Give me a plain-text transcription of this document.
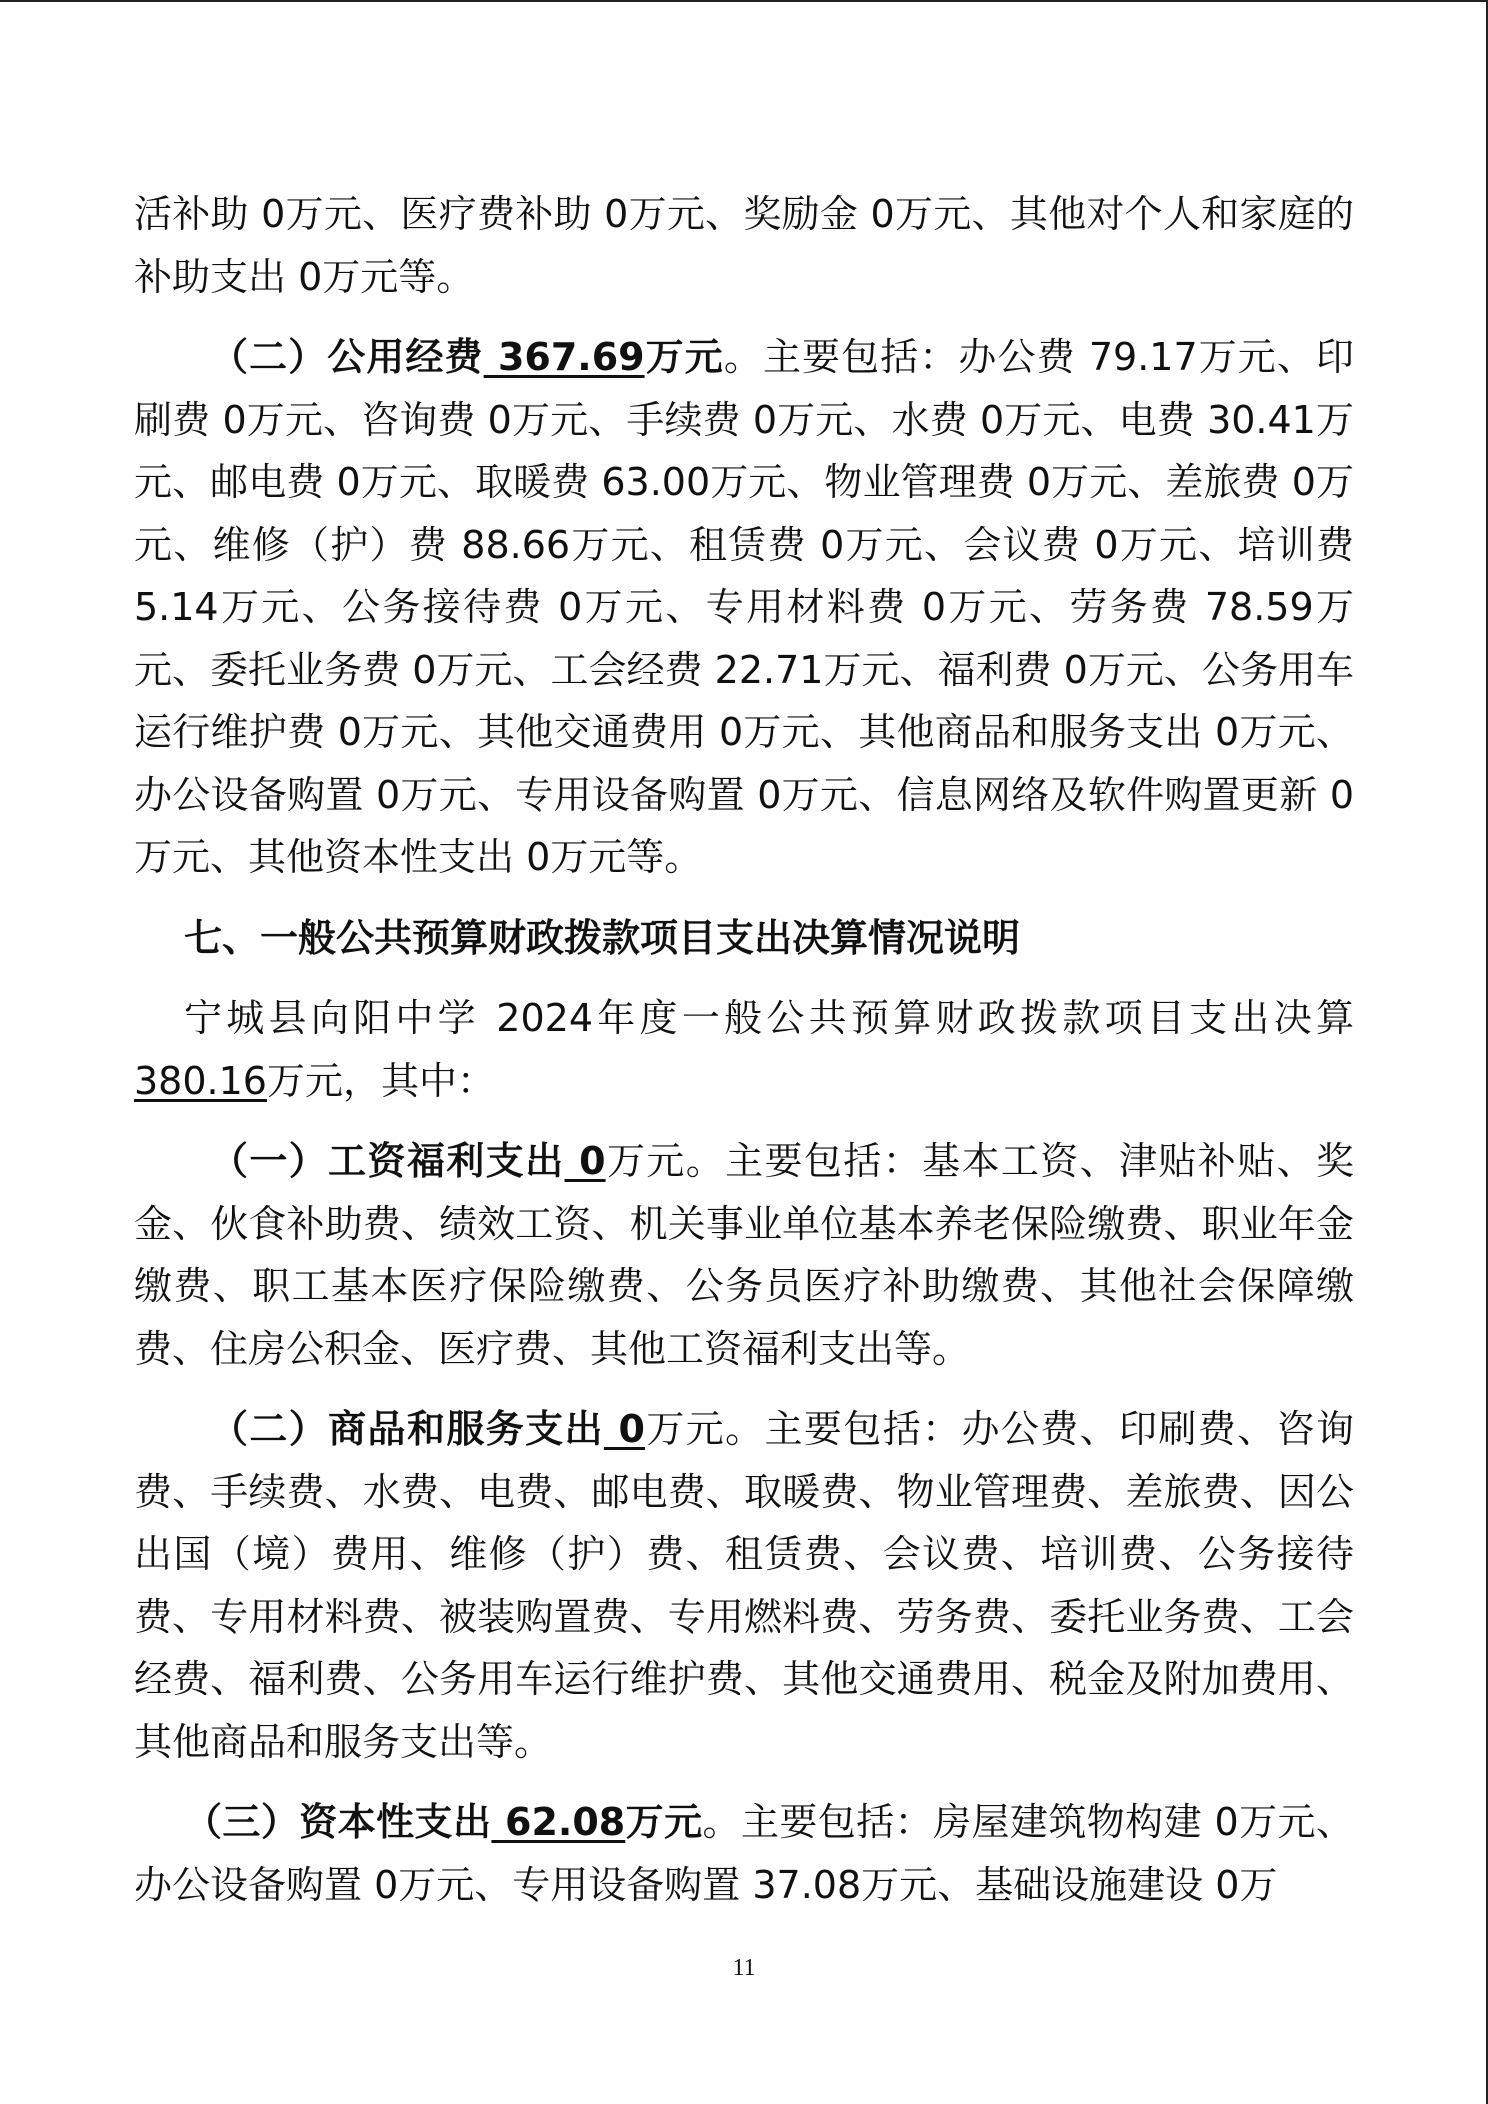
活补助 0万元、医疗费补助 0万元、奖励金 0万元、其他对个人和家庭的补助支出 0万元等。

（二）公用经费 367.69万元。主要包括：办公费 79.17万元、印刷费 0万元、咨询费 0万元、手续费 0万元、水费 0万元、电费 30.41万元、邮电费 0万元、取暖费 63.00万元、物业管理费 0万元、差旅费 0万元、维修（护）费 88.66万元、租赁费 0万元、会议费 0万元、培训费 5.14万元、公务接待费 0万元、专用材料费 0万元、劳务费 78.59万元、委托业务费 0万元、工会经费 22.71万元、福利费 0万元、公务用车运行维护费 0万元、其他交通费用 0万元、其他商品和服务支出 0万元、办公设备购置 0万元、专用设备购置 0万元、信息网络及软件购置更新 0万元、其他资本性支出 0万元等。

七、一般公共预算财政拨款项目支出决算情况说明

宁城县向阳中学 2024年度一般公共预算财政拨款项目支出决算380.16万元，其中：

（一）工资福利支出 0万元。主要包括：基本工资、津贴补贴、奖金、伙食补助费、绩效工资、机关事业单位基本养老保险缴费、职业年金缴费、职工基本医疗保险缴费、公务员医疗补助缴费、其他社会保障缴费、住房公积金、医疗费、其他工资福利支出等。

（二）商品和服务支出 0万元。主要包括：办公费、印刷费、咨询费、手续费、水费、电费、邮电费、取暖费、物业管理费、差旅费、因公出国（境）费用、维修（护）费、租赁费、会议费、培训费、公务接待费、专用材料费、被装购置费、专用燃料费、劳务费、委托业务费、工会经费、福利费、公务用车运行维护费、其他交通费用、税金及附加费用、其他商品和服务支出等。

（三）资本性支出 62.08万元。主要包括：房屋建筑物构建 0万元、办公设备购置 0万元、专用设备购置 37.08万元、基础设施建设 0万

11
